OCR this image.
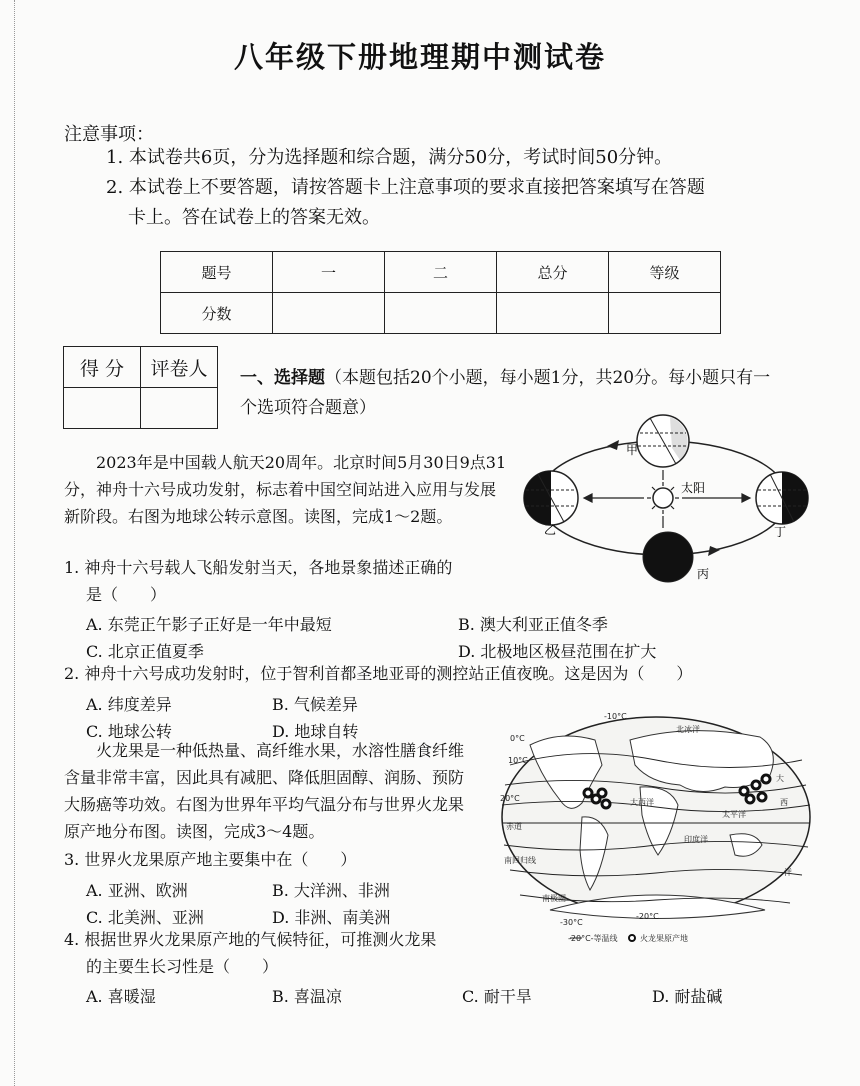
八年级下册地理期中测试卷
注意事项：
1. 本试卷共6页，分为选择题和综合题，满分50分，考试时间50分钟。
2. 本试卷上不要答题，请按答题卡上注意事项的要求直接把答案填写在答题
卡上。答在试卷上的答案无效。
题号	一	二	总分	等级
分数				
得 分	评卷人
	一、选择题（本题包括20个小题，每小题1分，共20分。每小题只有一
个选项符合题意）
2023年是中国载人航天20周年。北京时间5月30日9点31分，神舟十六号成功发射，标志着中国空间站进入应用与发展新阶段。右图为地球公转示意图。读图，完成1～2题。
甲
乙
丙
丁
太阳
1. 神舟十六号载人飞船发射当天，各地景象描述正确的
是（　　）
A. 东莞正午影子正好是一年中最短	B. 澳大利亚正值冬季
C. 北京正值夏季	D. 北极地区极昼范围在扩大
2. 神舟十六号成功发射时，位于智利首都圣地亚哥的测控站正值夜晚。这是因为（　　）
A. 纬度差异	B. 气候差异
C. 地球公转	D. 地球自转
火龙果是一种低热量、高纤维水果，水溶性膳食纤维含量非常丰富，因此具有减肥、降低胆固醇、润肠、预防大肠癌等功效。右图为世界年平均气温分布与世界火龙果原产地分布图。读图，完成3～4题。
北冰洋
大西洋
太平洋
印度洋
赤道
南回归线
南极圈
大
西
洋
-10°C
0°C
10°C
20°C
-20°C
-30°C
-20°C-等温线	火龙果原产地
3. 世界火龙果原产地主要集中在（　　）
A. 亚洲、欧洲	B. 大洋洲、非洲
C. 北美洲、亚洲	D. 非洲、南美洲
4. 根据世界火龙果原产地的气候特征，可推测火龙果
的主要生长习性是（　　）
A. 喜暖湿	B. 喜温凉	C. 耐干旱	D. 耐盐碱
